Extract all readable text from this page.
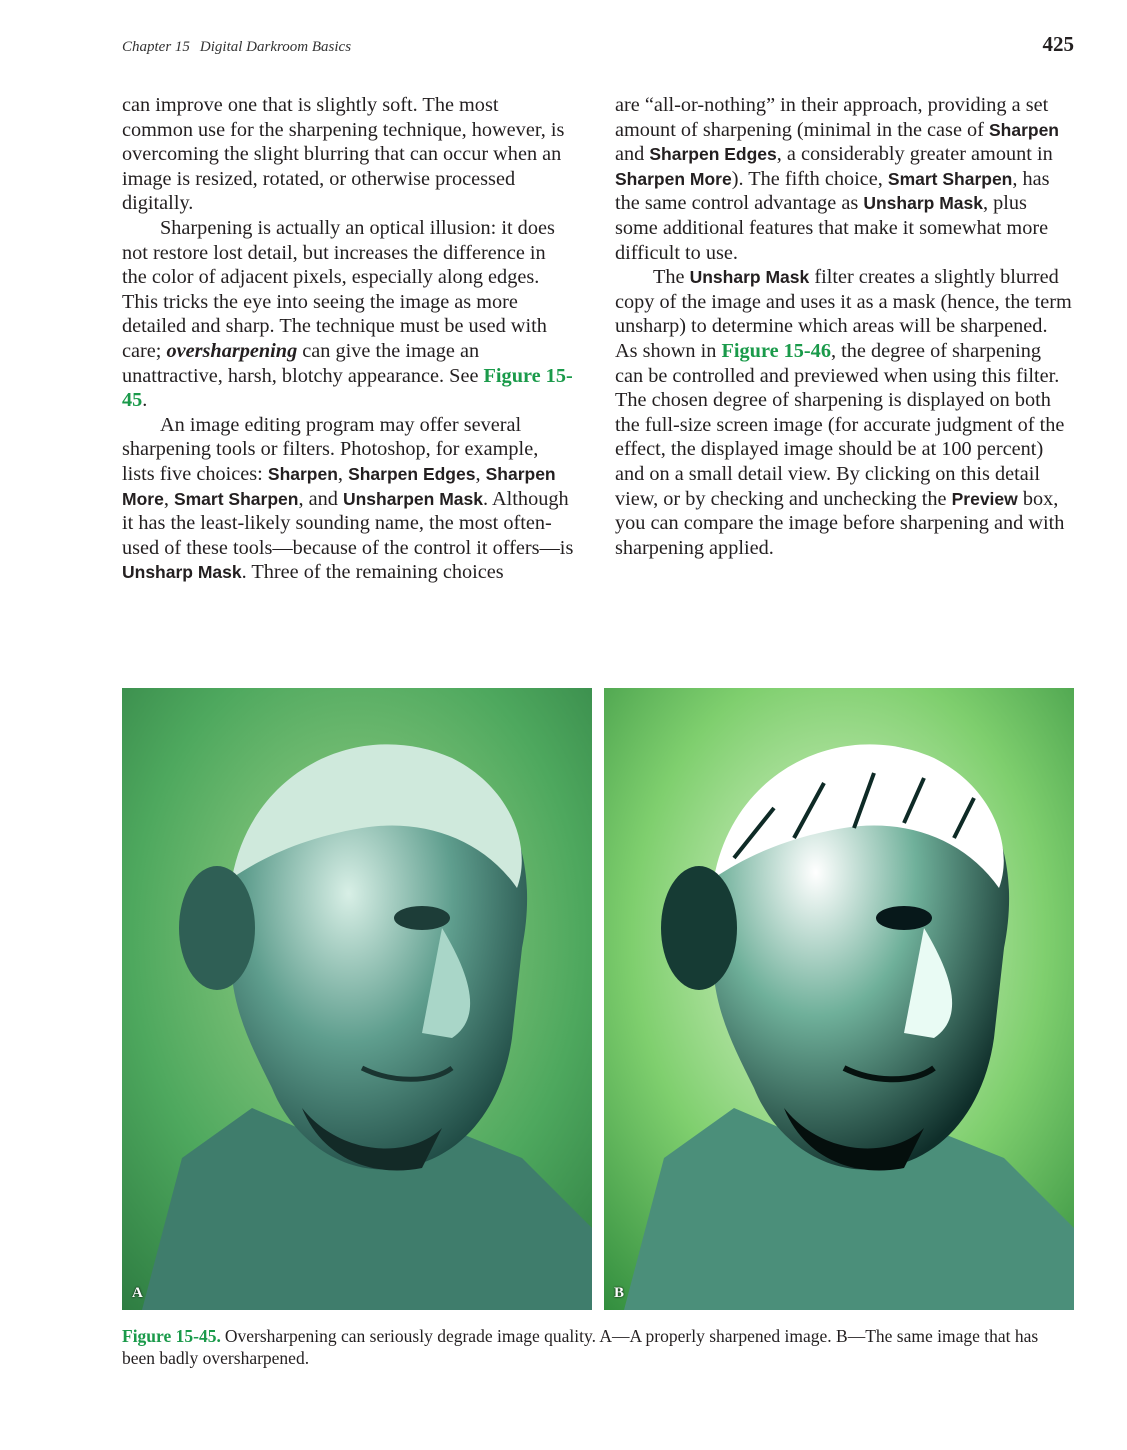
Chapter 15 Digital Darkroom Basics	425

can improve one that is slightly soft. The most common use for the sharpening technique, however, is overcoming the slight blurring that can occur when an image is resized, rotated, or otherwise processed digitally.

Sharpening is actually an optical illusion: it does not restore lost detail, but increases the difference in the color of adjacent pixels, especially along edges. This tricks the eye into seeing the image as more detailed and sharp. The technique must be used with care; oversharpening can give the image an unattractive, harsh, blotchy appearance. See Figure 15-45.

An image editing program may offer several sharpening tools or filters. Photoshop, for example, lists five choices: Sharpen, Sharpen Edges, Sharpen More, Smart Sharpen, and Unsharpen Mask. Although it has the least-likely sounding name, the most often-used of these tools—because of the control it offers—is Unsharp Mask. Three of the remaining choices

are “all-or-nothing” in their approach, providing a set amount of sharpening (minimal in the case of Sharpen and Sharpen Edges, a considerably greater amount in Sharpen More). The fifth choice, Smart Sharpen, has the same control advantage as Unsharp Mask, plus some additional features that make it somewhat more difficult to use.

The Unsharp Mask filter creates a slightly blurred copy of the image and uses it as a mask (hence, the term unsharp) to determine which areas will be sharpened. As shown in Figure 15-46, the degree of sharpening can be controlled and previewed when using this filter. The chosen degree of sharpening is displayed on both the full-size screen image (for accurate judgment of the effect, the displayed image should be at 100 percent) and on a small detail view. By clicking on this detail view, or by checking and unchecking the Preview box, you can compare the image before sharpening and with sharpening applied.

A	B
Figure 15-45. Oversharpening can seriously degrade image quality. A—A properly sharpened image. B—The same image that has been badly oversharpened.
